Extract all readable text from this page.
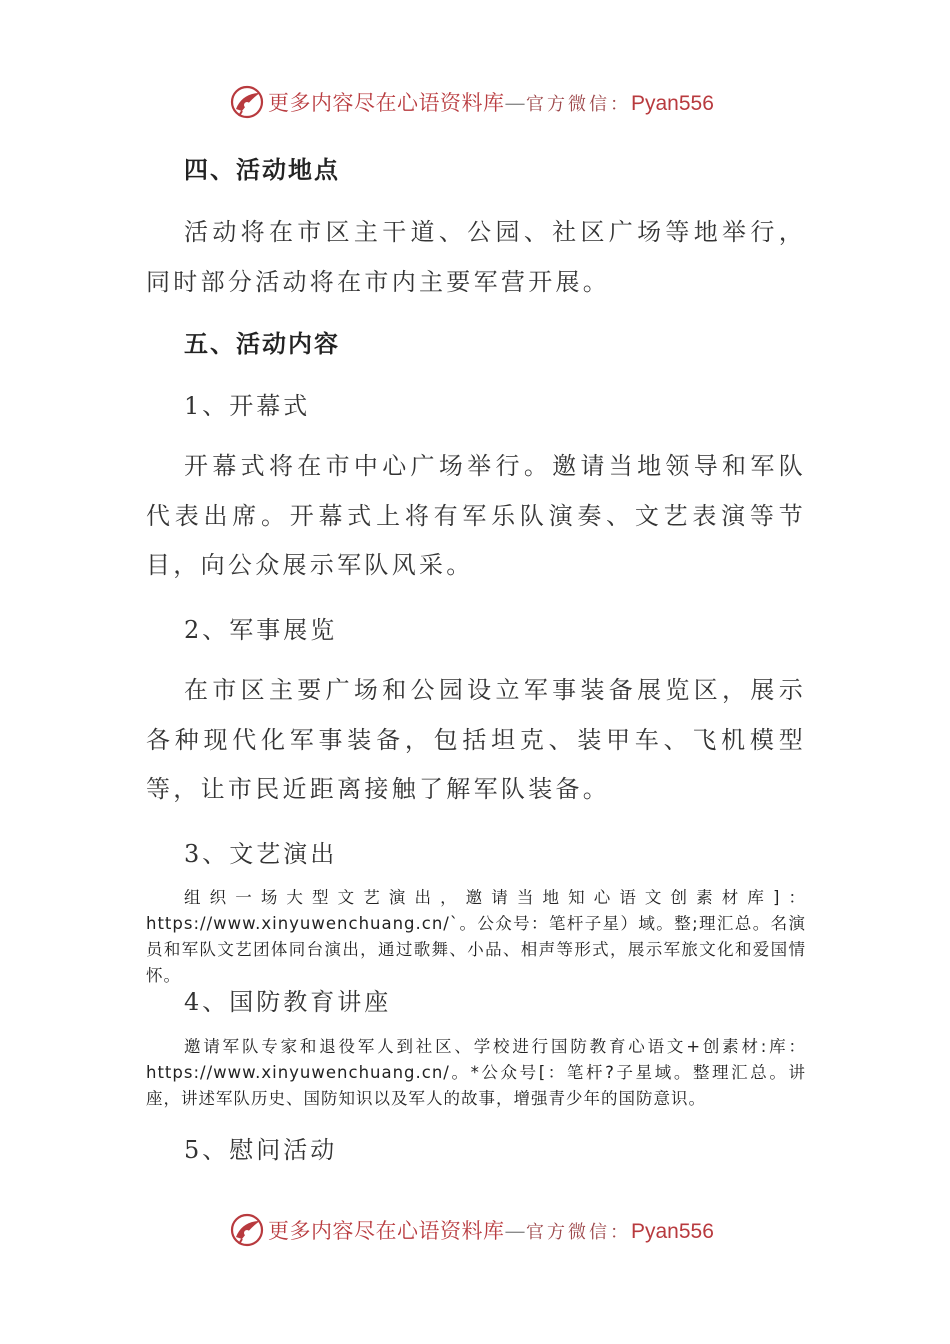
更多内容尽在心语资料库—官方微信：Pyan556
四、活动地点

活动将在市区主干道、公园、社区广场等地举行，同时部分活动将在市内主要军营开展。

五、活动内容
1、开幕式

开幕式将在市中心广场举行。邀请当地领导和军队代表出席。开幕式上将有军乐队演奏、文艺表演等节目，向公众展示军队风采。

2、军事展览

在市区主要广场和公园设立军事装备展览区，展示各种现代化军事装备，包括坦克、装甲车、飞机模型等，让市民近距离接触了解军队装备。

3、文艺演出

组织一场大型文艺演出，邀请当地知心语文创素材库]：https://www.xinyuwenchuang.cn/`。公众号：笔杆子星）域。整;理汇总。名演员和军队文艺团体同台演出，通过歌舞、小品、相声等形式，展示军旅文化和爱国情怀。

4、国防教育讲座

邀请军队专家和退役军人到社区、学校进行国防教育心语文+创素材:库：https://www.xinyuwenchuang.cn/。*公众号[：笔杆?子星域。整理汇总。讲座，讲述军队历史、国防知识以及军人的故事，增强青少年的国防意识。

5、慰问活动
更多内容尽在心语资料库—官方微信：Pyan556
